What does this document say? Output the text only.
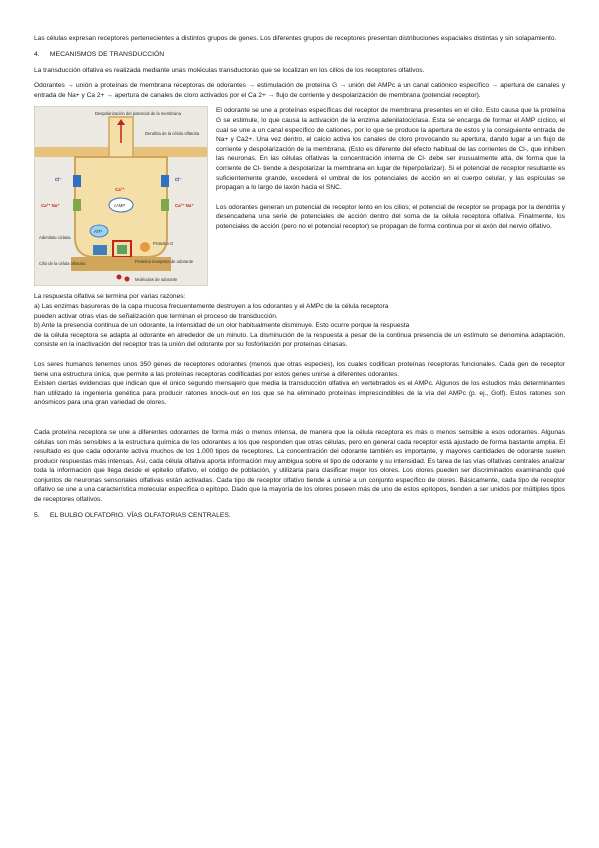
Las células expresan receptores pertenecientes a distintos grupos de genes. Los diferentes grupos de receptores presentan distribuciones espaciales distintas y sin solapamiento.

4. MECANISMOS DE TRANSDUCCIÓN

La transducción olfativa es realizada mediante unas moléculas transductoras que se localizan en los cilios de los receptores olfativos.

Odorantes → unión a proteínas de membrana receptoras de odorantes → estimulación de proteína G → unión del AMPc a un canal catiónico específico → apertura de canales y entrada de Na+ y Ca 2+ → apertura de canales de cloro activados por el Ca 2+ → flujo de corriente y despolarización de membrana (potencial receptor).

Despolarización del potencial de la membrana
Dendrita de la célula olfatoria
Cl⁻	Cl⁻
Ca²⁺ Na⁺	Ca²⁺ Na⁺
Ca²⁺
cAMP
ATP
Proteína G
Adenilato ciclasa
Cilio de la célula olfatoria	Proteína receptora de odorante
Moléculas de odorante

El odorante se une a proteínas específicas del receptor de membrana presentes en el cilio. Esto causa que la proteína G se estimule, lo que causa la activación de la enzima adenilatociclasa. Esta se encarga de formar el AMP cíclico, el cual se une a un canal específico de cationes, por lo que se produce la apertura de estos y la consiguiente entrada de Na+ y Ca2+. Una vez dentro, el calcio activa los canales de cloro provocando su apertura, dando lugar a un flujo de corriente y despolarización de la membrana. (Esto es diferente del efecto habitual de las corrientes de Cl-, que inhiben las neuronas. En las células olfativas la concentración interna de Cl- debe ser inusualmente alta, de forma que la corriente de Cl- tiende a despolarizar la membrana en lugar de hiperpolarizar). Si el potencial de receptor resultante es suficientemente grande, excederá el umbral de los potenciales de acción en el cuerpo celular, y las espículas se propagan a lo largo de laxón hacia el SNC.

Los odorantes generan un potencial de receptor lento en los cilios; el potencial de receptor se propaga por la dendrita y desencadena una serie de potenciales de acción dentro del soma de la célula receptora olfativa. Finalmente, los potenciales de acción (pero no el potencial receptor) se propagan de forma continua por el axón del nervio olfativo.

La respuesta olfativa se termina por varias razones:

a) Las enzimas basureras de la capa mucosa frecuentemente destruyen a los odorantes y el AMPc de la célula receptora

pueden activar otras vías de señalización que terminan el proceso de transducción.

b) Ante la presencia continua de un odorante, la intensidad de un olor habitualmente disminuye. Esto ocurre porque la respuesta

de la célula receptora se adapta al odorante en alrededor de un minuto. La disminución de la respuesta a pesar de la continua presencia de un estímulo se denomina adaptación, consiste en la inactivación del receptor tras la unión del odorante por su fosforilación por proteínas cinasas.

Los seres humanos tenemos unos 350 genes de receptores odorantes (menos que otras especies), los cuales codifican proteínas receptoras funcionales. Cada gen de receptor tiene una estructura única, que permite a las proteínas receptoras codificadas por estos genes unirse a diferentes odorantes.

Existen ciertas evidencias que indican que el único segundo mensajero que media la transducción olfativa en vertebrados es el AMPc. Algunos de los estudios más determinantes han utilizado la ingeniería genética para producir ratones knock-out en los que se ha eliminado proteínas imprescindibles de la vía del AMPc (p. ej., Golf). Estos ratones son anósmicos para una gran variedad de olores.

Cada proteína receptora se une a diferentes odorantes de forma más o menos intensa, de manera que la célula receptora es más o menos sensible a esos odorantes. Algunas células son más sensibles a la estructura química de los odorantes a los que responden que otras células, pero en general cada receptor está ajustado de forma bastante amplia. El resultado es que cada odorante activa muchos de los 1.000 tipos de receptores. La concentración del odorante también es importante, y mayores cantidades de odorante suelen producir respuestas más intensas. Así, cada célula olfativa aporta información muy ambigua sobre el tipo de odorante y su intensidad. Es tarea de las vías olfativas centrales analizar toda la información que llega desde el epitelio olfativo, el código de población, y utilizarla para clasificar mejor los olores. Los olores pueden ser discriminados examinando qué conjuntos de neuronas sensoriales olfativas están activadas. Cada tipo de receptor olfativo tiende a unirse a un conjunto específico de olores. Básicamente, cada tipo de receptor olfativo se une a una característica molecular específica o epítopo. Dado que la mayoría de los olores poseen más de uno de estos epítopos, tienden a ser unidos por múltiples tipos de receptores olfativos.

5. EL BULBO OLFATORIO. VÍAS OLFATORIAS CENTRALES.
